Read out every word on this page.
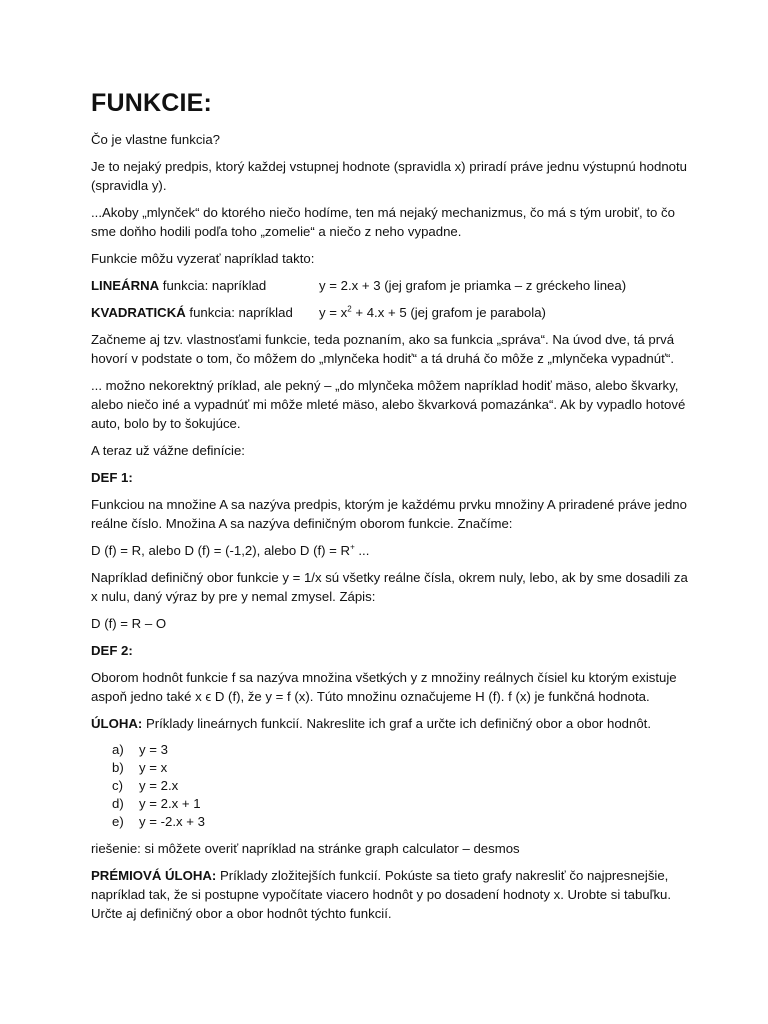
FUNKCIE:

Čo je vlastne funkcia?

Je to nejaký predpis, ktorý každej vstupnej hodnote (spravidla x) priradí práve jednu výstupnú hodnotu (spravidla y).

...Akoby „mlynček“ do ktorého niečo hodíme, ten má nejaký mechanizmus, čo má s tým urobiť, to čo sme doňho hodili podľa toho „zomelie“ a niečo z neho vypadne.

Funkcie môžu vyzerať napríklad takto:

LINEÁRNA funkcia: napríklad	y = 2.x + 3 (jej grafom je priamka – z gréckeho linea)
KVADRATICKÁ funkcia: napríklad	$y = x^2 + 4.x + 5$ (jej grafom je parabola)

Začneme aj tzv. vlastnosťami funkcie, teda poznaním, ako sa funkcia „správa“. Na úvod dve, tá prvá hovorí v podstate o tom, čo môžem do „mlynčeka hodiť“ a tá druhá čo môže z „mlynčeka vypadnúť“.

... možno nekorektný príklad, ale pekný – „do mlynčeka môžem napríklad hodiť mäso, alebo škvarky, alebo niečo iné a vypadnúť mi môže mleté mäso, alebo škvarková pomazánka“. Ak by vypadlo hotové auto, bolo by to šokujúce.

A teraz už vážne definície:

DEF 1:

Funkciou na množine A sa nazýva predpis, ktorým je každému prvku množiny A priradené práve jedno reálne číslo. Množina A sa nazýva definičným oborom funkcie. Značíme:

D (f) = R, alebo D (f) = (-1,2), alebo D (f) = R+ ...

Napríklad definičný obor funkcie y = 1/x sú všetky reálne čísla, okrem nuly, lebo, ak by sme dosadili za x nulu, daný výraz by pre y nemal zmysel. Zápis:

D (f) = R – O

DEF 2:

Oborom hodnôt funkcie f sa nazýva množina všetkých y z množiny reálnych čísiel ku ktorým existuje aspoň jedno také x ϵ D (f), že y = f (x). Túto množinu označujeme H (f). f (x) je funkčná hodnota.

ÚLOHA: Príklady lineárnych funkcií. Nakreslite ich graf a určte ich definičný obor a obor hodnôt.

a)	y = 3
b)	y = x
c)	y = 2.x
d)	y = 2.x + 1
e)	y = -2.x + 3

riešenie: si môžete overiť napríklad na stránke graph calculator – desmos

PRÉMIOVÁ ÚLOHA: Príklady zložitejších funkcií. Pokúste sa tieto grafy nakresliť čo najpresnejšie, napríklad tak, že si postupne vypočítate viacero hodnôt y po dosadení hodnoty x. Urobte si tabuľku. Určte aj definičný obor a obor hodnôt týchto funkcií.
